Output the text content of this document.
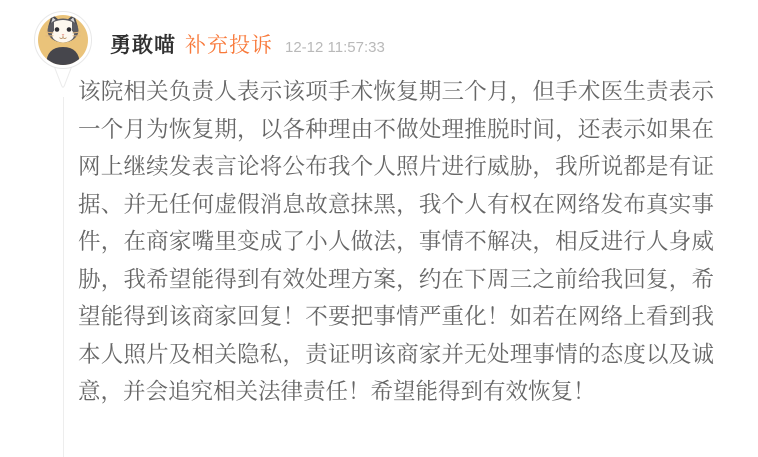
勇敢喵 补充投诉 12-12 11:57:33

该院相关负责人表示该项手术恢复期三个月，但手术医生责表示一个月为恢复期，以各种理由不做处理推脱时间，还表示如果在网上继续发表言论将公布我个人照片进行威胁，我所说都是有证据、并无任何虚假消息故意抹黑，我个人有权在网络发布真实事件，在商家嘴里变成了小人做法，事情不解决，相反进行人身威胁，我希望能得到有效处理方案，约在下周三之前给我回复，希望能得到该商家回复！不要把事情严重化！如若在网络上看到我本人照片及相关隐私，责证明该商家并无处理事情的态度以及诚意，并会追究相关法律责任！希望能得到有效恢复！
